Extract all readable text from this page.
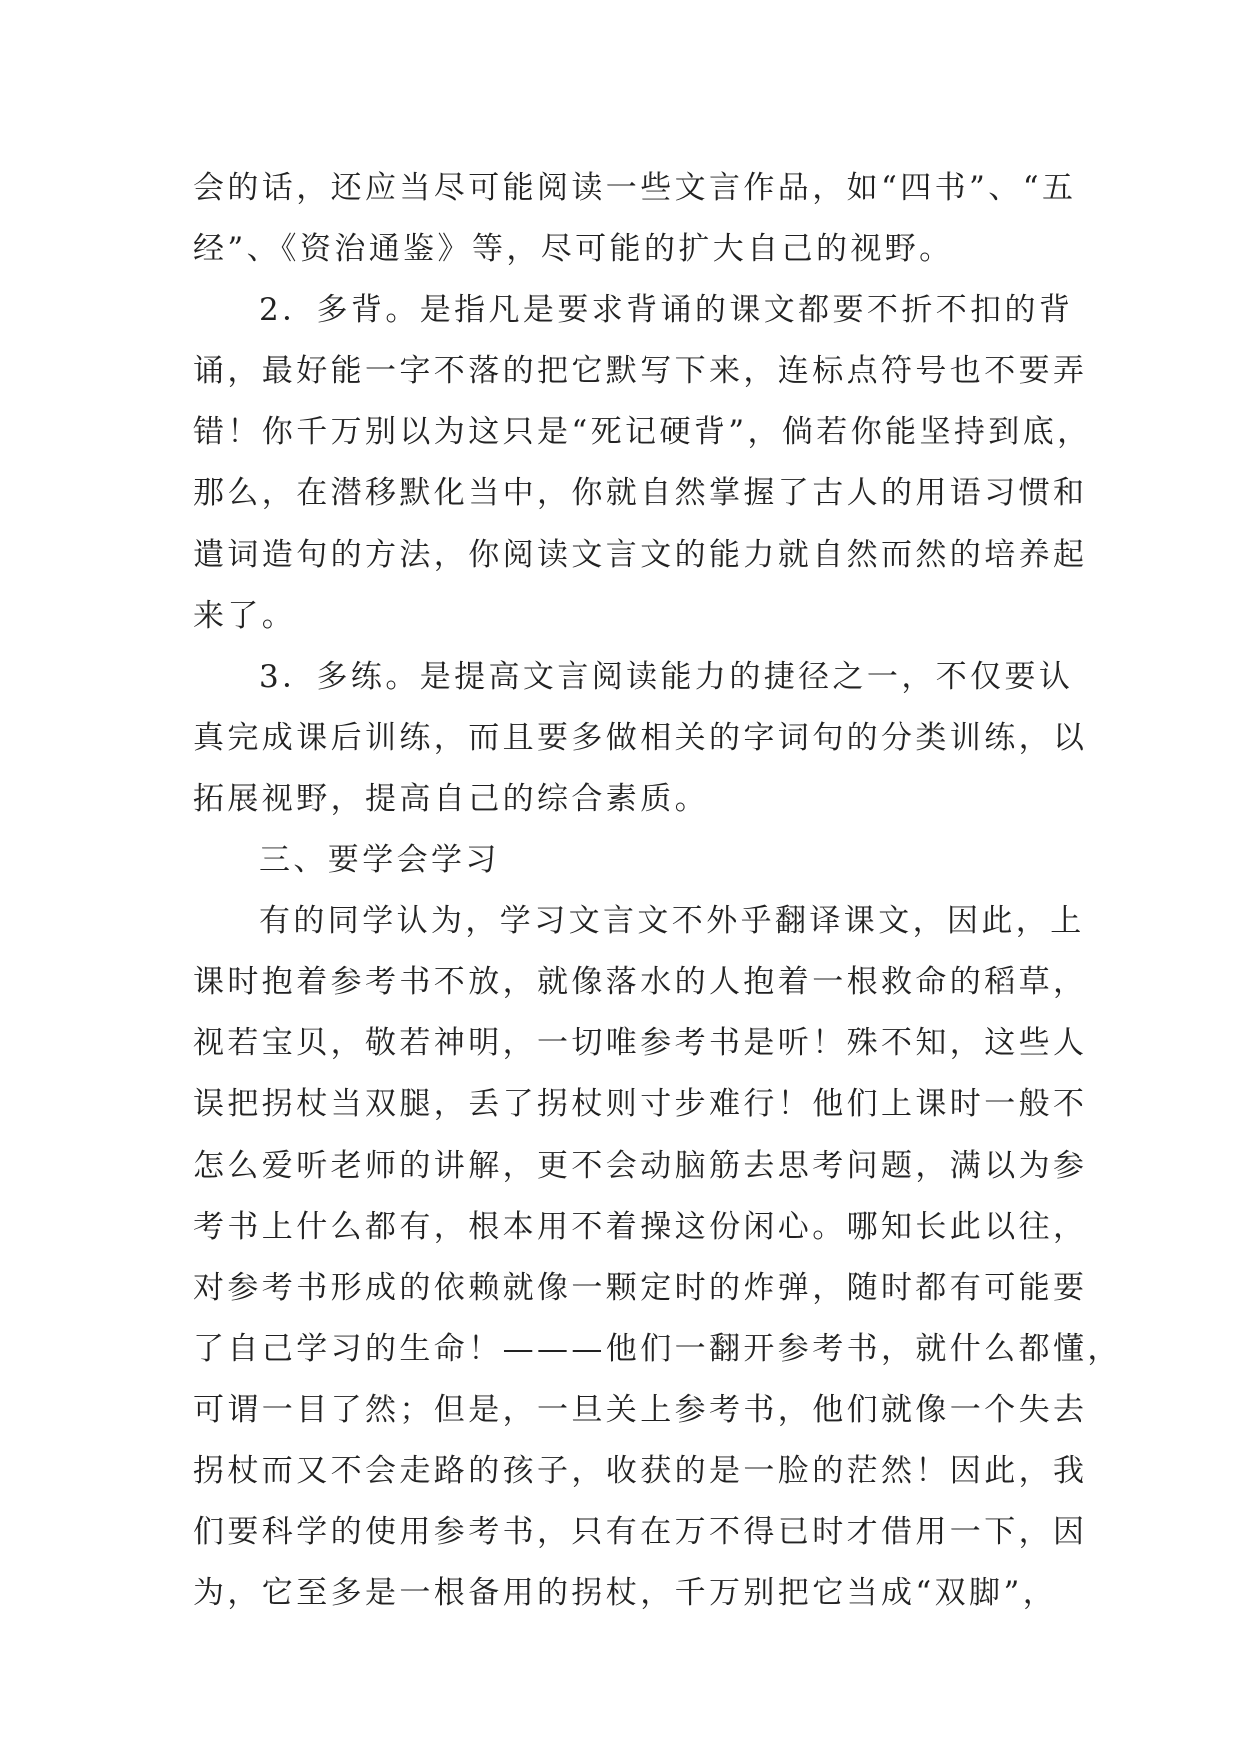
会的话，还应当尽可能阅读一些文言作品，如“四书”、“五
经”、《资治通鉴》等，尽可能的扩大自己的视野。
2．多背。是指凡是要求背诵的课文都要不折不扣的背
诵，最好能一字不落的把它默写下来，连标点符号也不要弄
错！你千万别以为这只是“死记硬背”，倘若你能坚持到底，
那么，在潜移默化当中，你就自然掌握了古人的用语习惯和
遣词造句的方法，你阅读文言文的能力就自然而然的培养起
来了。
3．多练。是提高文言阅读能力的捷径之一，不仅要认
真完成课后训练，而且要多做相关的字词句的分类训练，以
拓展视野，提高自己的综合素质。
三、要学会学习
有的同学认为，学习文言文不外乎翻译课文，因此，上
课时抱着参考书不放，就像落水的人抱着一根救命的稻草，
视若宝贝，敬若神明，一切唯参考书是听！殊不知，这些人
误把拐杖当双腿，丢了拐杖则寸步难行！他们上课时一般不
怎么爱听老师的讲解，更不会动脑筋去思考问题，满以为参
考书上什么都有，根本用不着操这份闲心。哪知长此以往，
对参考书形成的依赖就像一颗定时的炸弹，随时都有可能要
了自己学习的生命！———他们一翻开参考书，就什么都懂，
可谓一目了然；但是，一旦关上参考书，他们就像一个失去
拐杖而又不会走路的孩子，收获的是一脸的茫然！因此，我
们要科学的使用参考书，只有在万不得已时才借用一下，因
为，它至多是一根备用的拐杖，千万别把它当成“双脚”，
